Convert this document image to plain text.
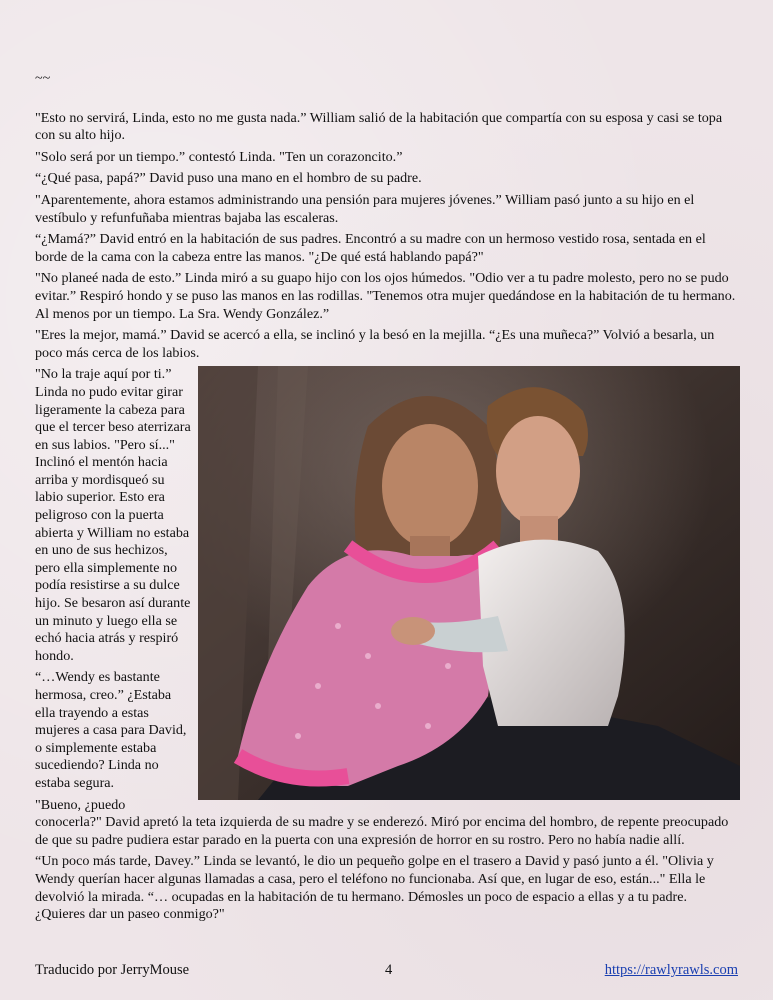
~~

"Esto no servirá, Linda, esto no me gusta nada.” William salió de la habitación que compartía con su esposa y casi se topa con su alto hijo.

"Solo será por un tiempo.” contestó Linda. "Ten un corazoncito.”

“¿Qué pasa, papá?” David puso una mano en el hombro de su padre.

"Aparentemente, ahora estamos administrando una pensión para mujeres jóvenes.” William pasó junto a su hijo en el vestíbulo y refunfuñaba mientras bajaba las escaleras.

“¿Mamá?” David entró en la habitación de sus padres. Encontró a su madre con un hermoso vestido rosa, sentada en el borde de la cama con la cabeza entre las manos. "¿De qué está hablando papá?"

"No planeé nada de esto.” Linda miró a su guapo hijo con los ojos húmedos. "Odio ver a tu padre molesto, pero no se pudo evitar.” Respiró hondo y se puso las manos en las rodillas. "Tenemos otra mujer quedándose en la habitación de tu hermano. Al menos por un tiempo. La Sra. Wendy González.”

"Eres la mejor, mamá.” David se acercó a ella, se inclinó y la besó en la mejilla. “¿Es una muñeca?” Volvió a besarla, un poco más cerca de los labios.

"No la traje aquí por ti.” Linda no pudo evitar girar ligeramente la cabeza para que el tercer beso aterrizara en sus labios. "Pero sí..." Inclinó el mentón hacia arriba y mordisqueó su labio superior. Esto era peligroso con la puerta abierta y William no estaba en uno de sus hechizos, pero ella simplemente no podía resistirse a su dulce hijo. Se besaron así durante un minuto y luego ella se echó hacia atrás y respiró hondo.

“…Wendy es bastante hermosa, creo.” ¿Estaba ella trayendo a estas mujeres a casa para David, o simplemente estaba sucediendo? Linda no estaba segura.

"Bueno, ¿puedo conocerla?" David apretó la teta izquierda de su madre y se enderezó. Miró por encima del hombro, de repente preocupado de que su padre pudiera estar parado en la puerta con una expresión de horror en su rostro. Pero no había nadie allí.

“Un poco más tarde, Davey.” Linda se levantó, le dio un pequeño golpe en el trasero a David y pasó junto a él. "Olivia y Wendy querían hacer algunas llamadas a casa, pero el teléfono no funcionaba. Así que, en lugar de eso, están..." Ella le devolvió la mirada. “… ocupadas en la habitación de tu hermano. Démosles un poco de espacio a ellas y a tu padre. ¿Quieres dar un paseo conmigo?"

Traducido por JerryMouse	4	https://rawlyrawls.com
